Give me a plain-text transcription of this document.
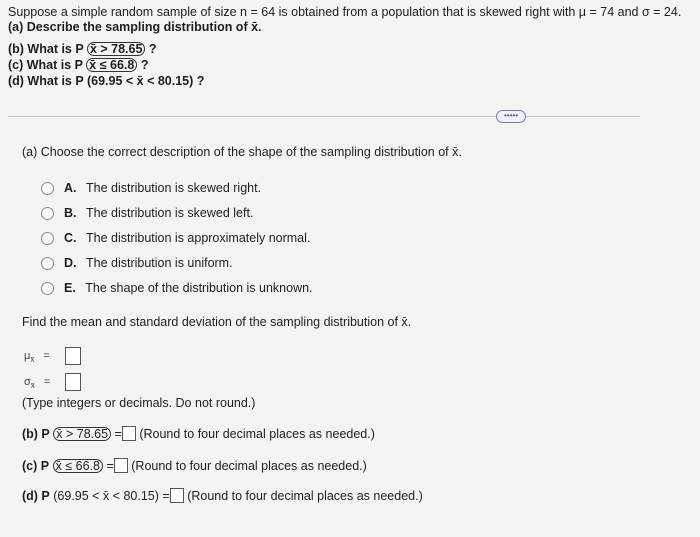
Suppose a simple random sample of size n = 64 is obtained from a population that is skewed right with μ = 74 and σ = 24.
(a) Describe the sampling distribution of x̄.
(b) What is P x̄ > 78.65 ?
(c) What is P x̄ ≤ 66.8 ?
(d) What is P (69.95 < x̄ < 80.15) ?
•••••
(a) Choose the correct description of the shape of the sampling distribution of x̄.
A. The distribution is skewed right.
B. The distribution is skewed left.
C. The distribution is approximately normal.
D. The distribution is uniform.
E. The shape of the distribution is unknown.
Find the mean and standard deviation of the sampling distribution of x̄.
$\mu_{x̄}$ =
$\sigma_{x̄}$ =
(Type integers or decimals. Do not round.)
(b) P x̄ > 78.65 = (Round to four decimal places as needed.)
(c) P x̄ ≤ 66.8 = (Round to four decimal places as needed.)
(d) P (69.95 < x̄ < 80.15) = (Round to four decimal places as needed.)
